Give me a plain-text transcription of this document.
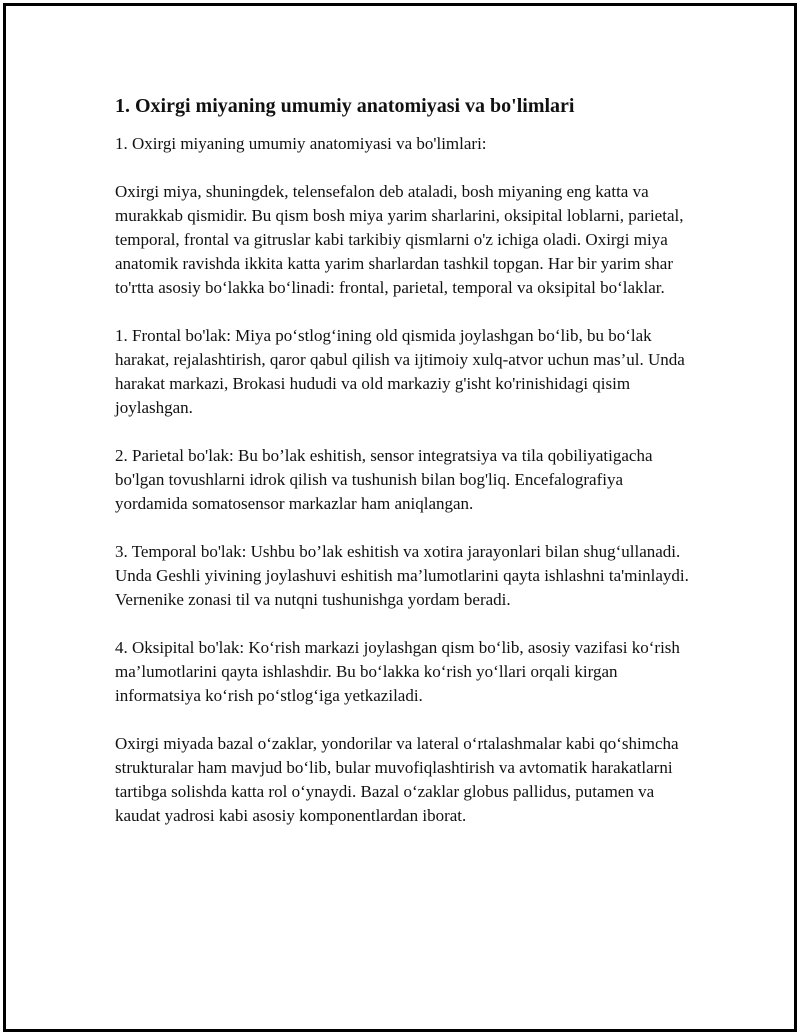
1. Oxirgi miyaning umumiy anatomiyasi va bo'limlari

1. Oxirgi miyaning umumiy anatomiyasi va bo'limlari:

Oxirgi miya, shuningdek, telensefalon deb ataladi, bosh miyaning eng katta va murakkab qismidir. Bu qism bosh miya yarim sharlarini, oksipital loblarni, parietal, temporal, frontal va gitruslar kabi tarkibiy qismlarni o'z ichiga oladi. Oxirgi miya anatomik ravishda ikkita katta yarim sharlardan tashkil topgan. Har bir yarim shar to'rtta asosiy bo‘lakka bo‘linadi: frontal, parietal, temporal va oksipital bo‘laklar.

1. Frontal bo'lak: Miya po‘stlog‘ining old qismida joylashgan bo‘lib, bu bo‘lak harakat, rejalashtirish, qaror qabul qilish va ijtimoiy xulq-atvor uchun mas’ul. Unda harakat markazi, Brokasi hududi va old markaziy g'isht ko'rinishidagi qisim joylashgan.

2. Parietal bo'lak: Bu bo’lak eshitish, sensor integratsiya va tila qobiliyatigacha bo'lgan tovushlarni idrok qilish va tushunish bilan bog'liq. Encefalografiya yordamida somatosensor markazlar ham aniqlangan.

3. Temporal bo'lak: Ushbu bo’lak eshitish va xotira jarayonlari bilan shug‘ullanadi. Unda Geshli yivining joylashuvi eshitish ma’lumotlarini qayta ishlashni ta'minlaydi. Vernenike zonasi til va nutqni tushunishga yordam beradi.

4. Oksipital bo'lak: Ko‘rish markazi joylashgan qism bo‘lib, asosiy vazifasi ko‘rish ma’lumotlarini qayta ishlashdir. Bu bo‘lakka ko‘rish yo‘llari orqali kirgan informatsiya ko‘rish po‘stlog‘iga yetkaziladi.

Oxirgi miyada bazal o‘zaklar, yondorilar va lateral o‘rtalashmalar kabi qo‘shimcha strukturalar ham mavjud bo‘lib, bular muvofiqlashtirish va avtomatik harakatlarni tartibga solishda katta rol o‘ynaydi. Bazal o‘zaklar globus pallidus, putamen va kaudat yadrosi kabi asosiy komponentlardan iborat.
